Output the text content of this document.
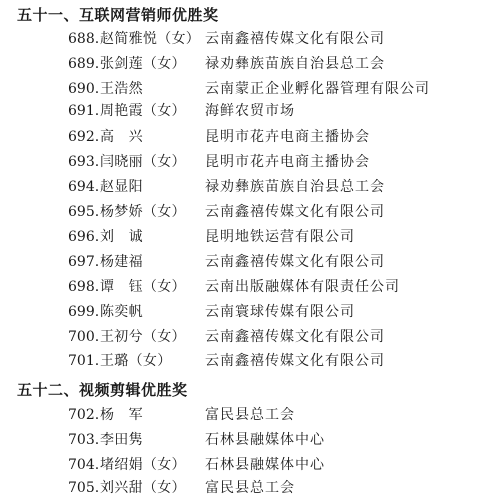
五十一、互联网营销师优胜奖
688. 赵简雅悦（女） 云南鑫禧传媒文化有限公司
689. 张剑莲（女） 禄劝彝族苗族自治县总工会
690. 王浩然	云南蒙正企业孵化器管理有限公司
691. 周艳霞（女） 海鲜农贸市场
692. 高　兴	昆明市花卉电商主播协会
693. 闫晓丽（女） 昆明市花卉电商主播协会
694. 赵显阳	禄劝彝族苗族自治县总工会
695. 杨梦娇（女） 云南鑫禧传媒文化有限公司
696. 刘　诚	昆明地铁运营有限公司
697. 杨建福	云南鑫禧传媒文化有限公司
698. 谭　钰（女） 云南出版融媒体有限责任公司
699. 陈奕帆	云南寰球传媒有限公司
700. 王初兮（女） 云南鑫禧传媒文化有限公司
701. 王璐（女） 云南鑫禧传媒文化有限公司
五十二、视频剪辑优胜奖
702. 杨　军	富民县总工会
703. 李田隽	石林县融媒体中心
704. 堵绍娟（女） 石林县融媒体中心
705. 刘兴甜（女） 富民县总工会
